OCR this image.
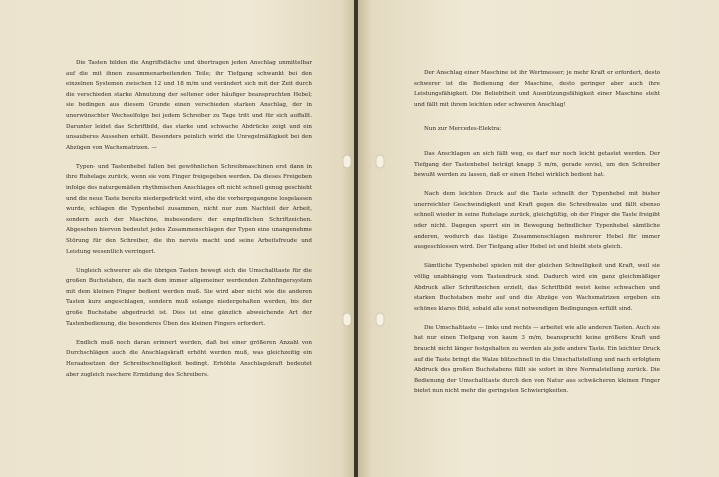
Die Tasten bilden die Angriffsfläche und übertragen jeden Anschlag unmittelbar auf die mit ihnen zusammenarbeitenden Teile; ihr Tiefgang schwankt bei den einzelnen Systemen zwischen 12 und 18 m/m und verändert sich mit der Zeit durch die verschieden starke Abnutzung der seltener oder häufiger beanspruchten Hebel; sie bedingen aus diesem Grunde einen verschieden starken Anschlag, der in unerwünschter Wechselfolge bei jedem Schreiber zu Tage tritt und für sich auffallt. Darunter leidet das Schriftbild, das starke und schwache Abdrücke zeigt und ein unsauberes Aussehen erhält. Besonders peinlich wirkt die Unregelmäßigkeit bei den Abzügen von Wachsmatrizen. —

Typen- und Tastenhebel fallen bei gewöhnlichen Schreibmaschinen erst dann in ihre Ruhelage zurück, wenn sie vom Finger freigegeben werden. Da dieses Freigeben infolge des naturgemäßen rhythmischen Anschlages oft nicht schnell genug geschieht und die neue Taste bereits niedergedrückt wird, ehe die vorhergegangene losgelassen wurde, schlagen die Typenhebel zusammen, nicht nur zum Nachteil der Arbeit, sondern auch der Maschine, insbesondere der empfindlichen Schriftzeichen. Abgesehen hiervon bedeutet jedes Zusammenschlagen der Typen eine unangenehme Störung für den Schreiber, die ihn nervös macht und seine Arbeitsfreude und Leistung wesentlich verringert.

Ungleich schwerer als die übrigen Tasten bewegt sich die Umschalttaste für die großen Buchstaben, die nach dem immer allgemeiner werdenden Zehnfingersystem mit dem kleinen Finger bedient werden muß. Sie wird aber nicht wie die anderen Tasten kurz angeschlagen, sondern muß solange niedergehalten werden, bis der große Buchstabe abgedruckt ist. Dies ist eine gänzlich abweichende Art der Tastenbedienung, die besonderes Üben des kleinen Fingers erfordert.

Endlich muß noch daran erinnert werden, daß bei einer größeren Anzahl von Durchschlägen auch die Anschlagskraft erhöht werden muß, was gleichzeitig ein Heraabsetzen der Schreibschnelligkeit bedingt. Erhöhte Anschlagskraft bedeutet aber zugleich raschere Ermüdung des Schreibers.

Der Anschlag einer Maschine ist ihr Wertmesser; je mehr Kraft er erfordert, desto schwerer ist die Bedienung der Maschine, desto geringer aber auch ihre Leistungsfähigkeit. Die Beliebtheit und Ausnützungsfähigkeit einer Maschine steht und fällt mit ihrem leichten oder schweren Anschlag!

Nun zur Mercedes-Elektra:

Das Anschlagen an sich fällt weg, es darf nur noch leicht getastet werden. Der Tiefgang der Tastenhebel beträgt knapp 3 m/m, gerade soviel, um den Schreiber bewußt werden zu lassen, daß er einen Hebel wirklich bedient hat.

Nach dem leichten Druck auf die Taste schnellt der Typenhebel mit bisher unerreichter Geschwindigkeit und Kraft gegen die Schreibwalze und fällt ebenso schnell wieder in seine Ruhelage zurück, gleichgültig, ob der Finger die Taste freigibt oder nicht. Dagegen sperrt ein in Bewegung befindlicher Typenhebel sämtliche anderen, wodurch das lästige Zusammenschlagen mehrerer Hebel für immer ausgeschlossen wird. Der Tiefgang aller Hebel ist und bleibt stets gleich.

Sämtliche Typenhebel spielen mit der gleichen Schnelligkeit und Kraft, weil sie völlig unabhängig vom Tastendruck sind. Dadurch wird ein ganz gleichmäßiger Abdruck aller Schriftzeichen erzielt, das Schriftbild weist keine schwachen und starken Buchstaben mehr auf und die Abzüge von Wachsmatrizen ergeben ein schönes klares Bild, sobald alle sonst notwendigen Bedingungen erfüllt sind.

Die Umschalttaste — links und rechts — arbeitet wie alle anderen Tasten. Auch sie hat nur einen Tiefgang von kaum 3 m/m, beansprucht keine größere Kraft und braucht nicht länger festgehalten zu werden als jede andere Taste. Ein leichter Druck auf die Taste bringt die Walze blitzschnell in die Umschaltstellung und nach erfolgtem Abdruck des großen Buchstabens fällt sie sofort in ihre Normalstellung zurück. Die Bedienung der Umschalttaste durch den von Natur aus schwächeren kleinen Finger bietet nun nicht mehr die geringsten Schwierigkeiten.
